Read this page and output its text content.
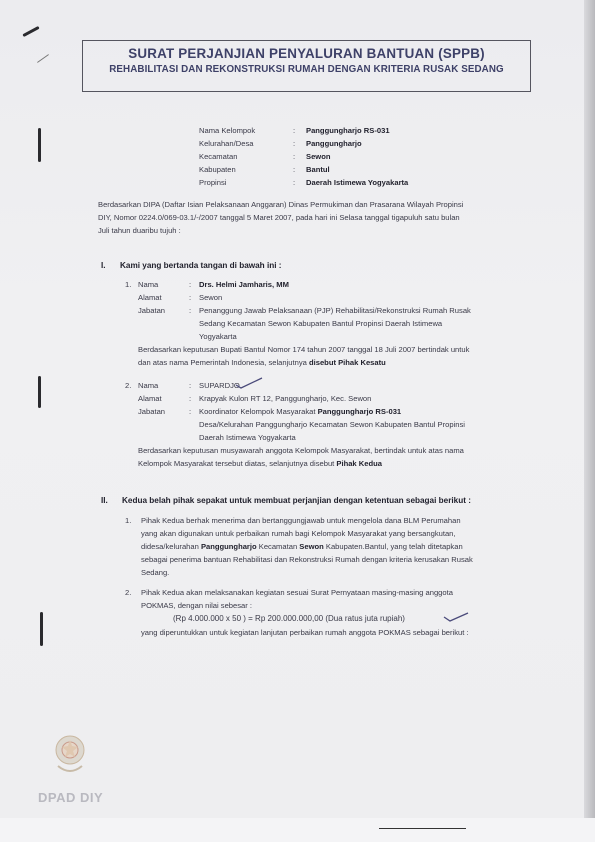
SURAT PERJANJIAN PENYALURAN BANTUAN (SPPB)
REHABILITASI DAN REKONSTRUKSI RUMAH DENGAN KRITERIA RUSAK SEDANG
Nama Kelompok	: Panggungharjo RS-031
Kelurahan/Desa	: Panggungharjo
Kecamatan	: Sewon
Kabupaten	: Bantul
Propinsi	: Daerah Istimewa Yogyakarta
Berdasarkan DIPA (Daftar Isian Pelaksanaan Anggaran) Dinas Permukiman dan Prasarana Wilayah Propinsi
DIY, Nomor 0224.0/069-03.1/-/2007 tanggal 5 Maret 2007, pada hari ini Selasa tanggal tigapuluh satu bulan
Juli tahun duaribu tujuh :
I. Kami yang bertanda tangan di bawah ini :
1. Nama	: Drs. Helmi Jamharis, MM
Alamat	: Sewon
Jabatan	: Penanggung Jawab Pelaksanaan (PJP) Rehabilitasi/Rekonstruksi Rumah Rusak
Sedang Kecamatan Sewon Kabupaten Bantul Propinsi Daerah Istimewa
Yogyakarta
Berdasarkan keputusan Bupati Bantul Nomor 174 tahun 2007 tanggal 18 Juli 2007 bertindak untuk
dan atas nama Pemerintah Indonesia, selanjutnya disebut Pihak Kesatu
2. Nama	: SUPARDJO
Alamat	: Krapyak Kulon RT 12, Panggungharjo, Kec. Sewon
Jabatan	: Koordinator Kelompok Masyarakat Panggungharjo RS-031
Desa/Kelurahan Panggungharjo Kecamatan Sewon Kabupaten Bantul Propinsi
Daerah Istimewa Yogyakarta
Berdasarkan keputusan musyawarah anggota Kelompok Masyarakat, bertindak untuk atas nama
Kelompok Masyarakat tersebut diatas, selanjutnya disebut Pihak Kedua
II. Kedua belah pihak sepakat untuk membuat perjanjian dengan ketentuan sebagai berikut :
1. Pihak Kedua berhak menerima dan bertanggungjawab untuk mengelola dana BLM Perumahan
yang akan digunakan untuk perbaikan rumah bagi Kelompok Masyarakat yang bersangkutan,
didesa/kelurahan Panggungharjo Kecamatan Sewon Kabupaten.Bantul, yang telah ditetapkan
sebagai penerima bantuan Rehabilitasi dan Rekonstruksi Rumah dengan kriteria kerusakan Rusak
Sedang.
2. Pihak Kedua akan melaksanakan kegiatan sesuai Surat Pernyataan masing-masing anggota
POKMAS, dengan nilai sebesar :
(Rp 4.000.000 x 50 ) = Rp 200.000.000,00 (Dua ratus juta rupiah)
yang diperuntukkan untuk kegiatan lanjutan perbaikan rumah anggota POKMAS sebagai berikut :
DPAD DIY
